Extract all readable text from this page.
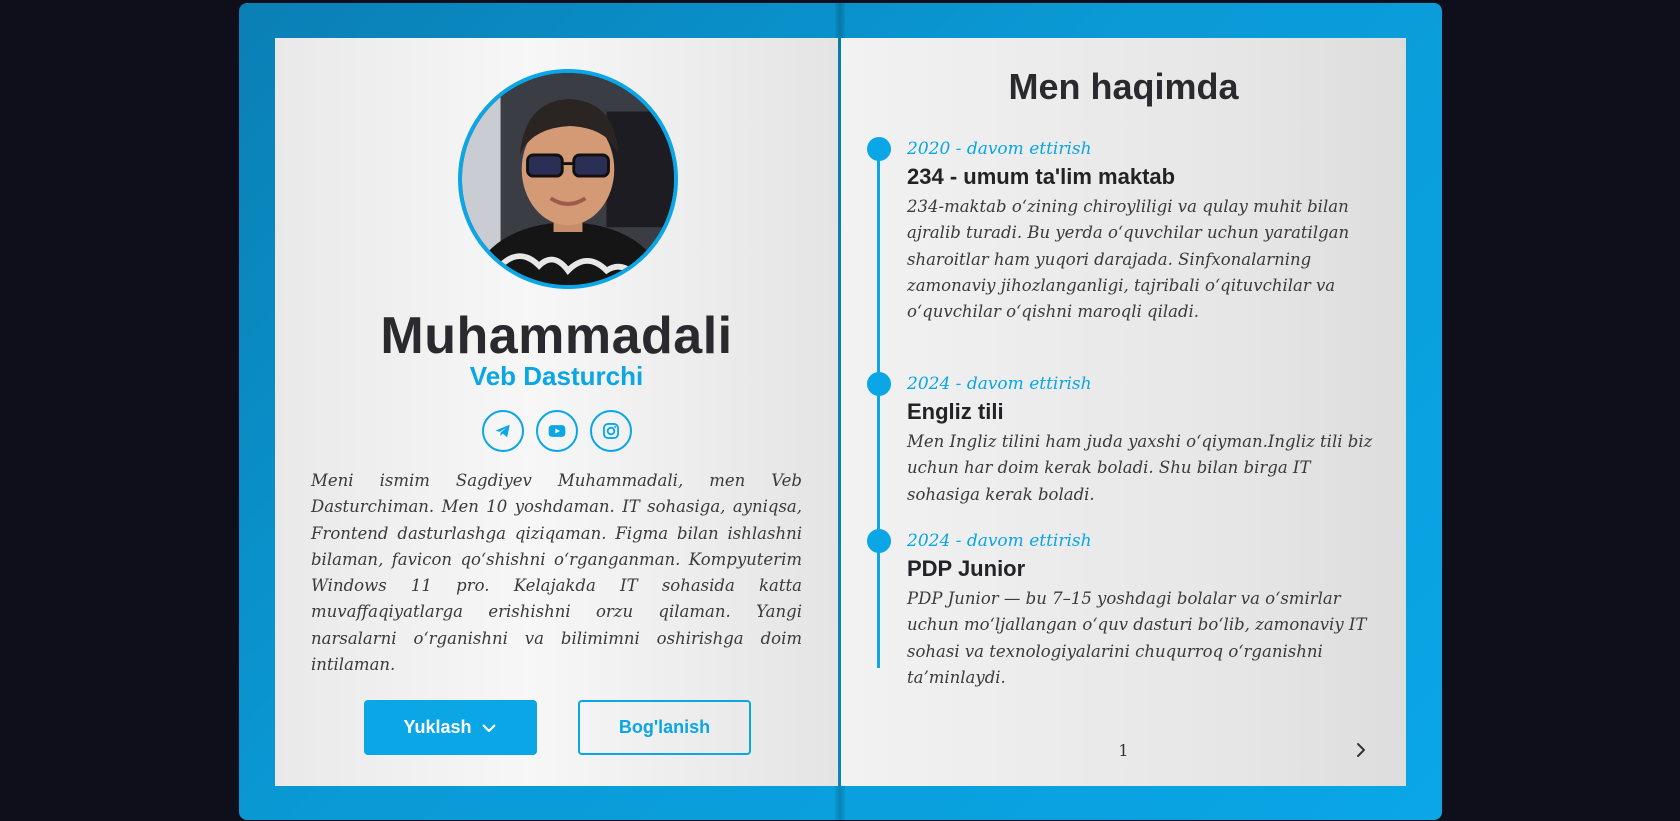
Muhammadali
Veb Dasturchi

Meni ismim Sagdiyev Muhammadali, men Veb Dasturchiman. Men 10 yoshdaman. IT sohasiga, ayniqsa, Frontend dasturlashga qiziqaman. Figma bilan ishlashni bilaman, favicon qo‘shishni o‘rganganman. Kompyuterim Windows 11 pro. Kelajakda IT sohasida katta muvaffaqiyatlarga erishishni orzu qilaman. Yangi narsalarni o‘rganishni va bilimimni oshirishga doim intilaman.

Yuklash	Bog'lanish
Men haqimda
2020 - davom ettirish
234 - umum ta'lim maktab
234-maktab o‘zining chiroyliligi va qulay muhit bilan ajralib turadi. Bu yerda o‘quvchilar uchun yaratilgan sharoitlar ham yuqori darajada. Sinfxonalarning zamonaviy jihozlanganligi, tajribali o‘qituvchilar va o‘quvchilar o‘qishni marоqli qiladi.
2024 - davom ettirish
Engliz tili
Men Ingliz tilini ham juda yaxshi o‘qiyman.Ingliz tili biz uchun har doim kerak boladi. Shu bilan birga IT sohasiga kerak boladi.
2024 - davom ettirish
PDP Junior
PDP Junior — bu 7–15 yoshdagi bolalar va o‘smirlar uchun mo‘ljallangan o‘quv dasturi bo‘lib, zamonaviy IT sohasi va texnologiyalarini chuqurroq o‘rganishni ta’minlaydi.
1
